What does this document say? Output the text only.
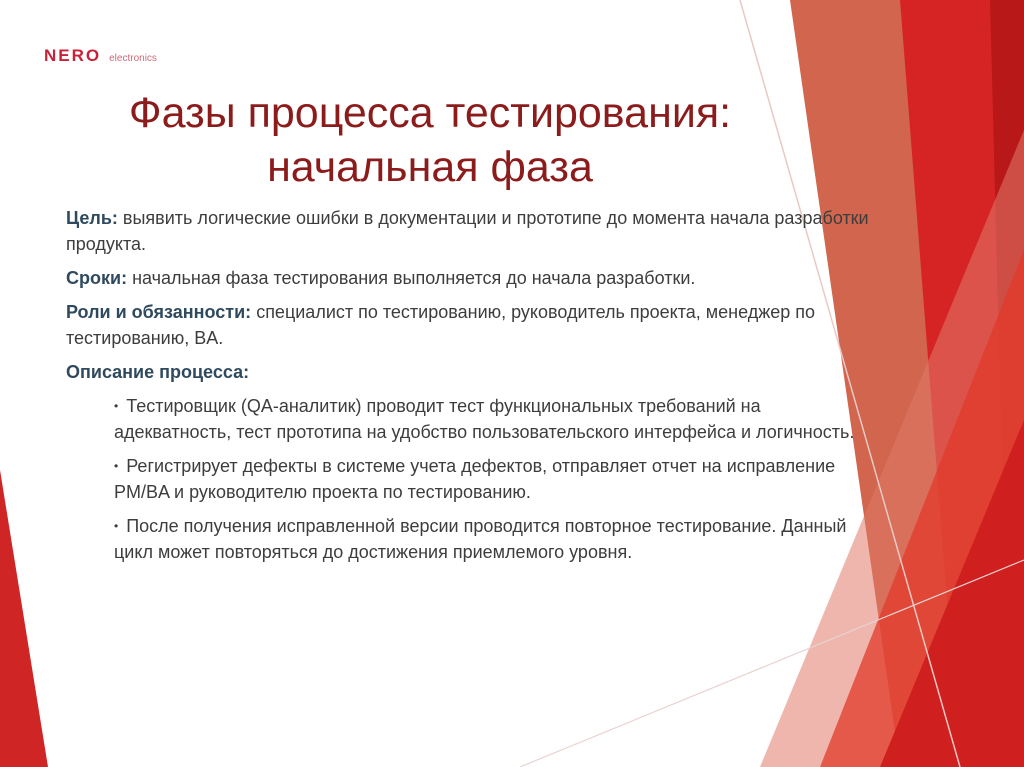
NERO electronics
Фазы процесса тестирования:
начальная фаза

Цель: выявить логические ошибки в документации и прототипе до момента начала разработки продукта.

Сроки: начальная фаза тестирования выполняется до начала разработки.

Роли и обязанности: специалист по тестированию, руководитель проекта, менеджер по тестированию, BA.

Описание процесса:

• Тестировщик (QA-аналитик) проводит тест функциональных требований на адекватность, тест прототипа на удобство пользовательского интерфейса и логичность.
• Регистрирует дефекты в системе учета дефектов, отправляет отчет на исправление PM/BA и руководителю проекта по тестированию.
• После получения исправленной версии проводится повторное тестирование. Данный цикл может повторяться до достижения приемлемого уровня.
